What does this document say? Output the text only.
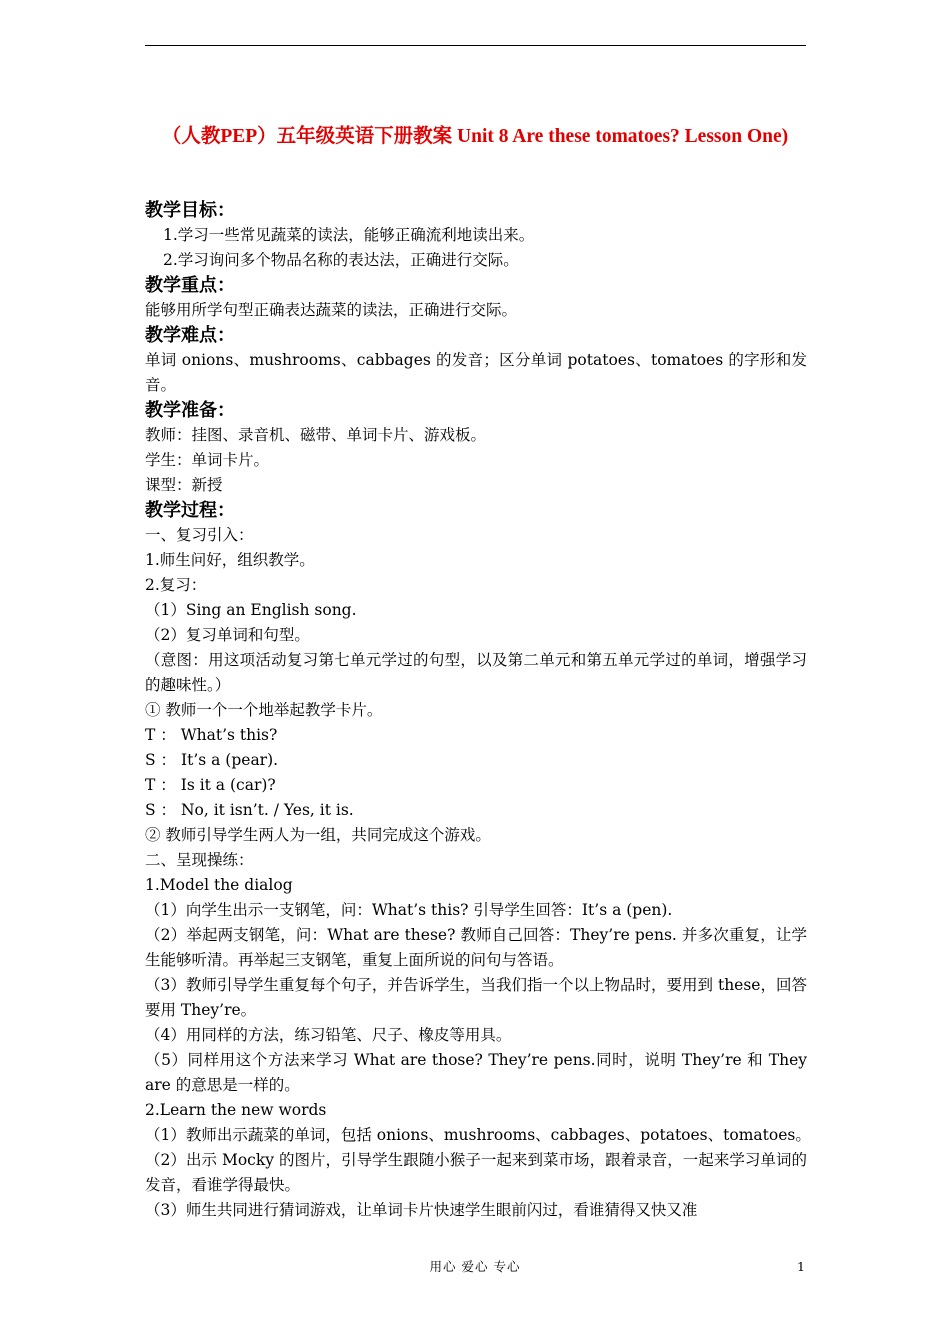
（人教PEP）五年级英语下册教案 Unit 8 Are these tomatoes? Lesson One)
教学目标：
1.学习一些常见蔬菜的读法，能够正确流利地读出来。
2.学习询问多个物品名称的表达法，正确进行交际。
教学重点：
能够用所学句型正确表达蔬菜的读法，正确进行交际。
教学难点：
单词 onions、mushrooms、cabbages 的发音；区分单词 potatoes、tomatoes 的字形和发音。
教学准备：
教师：挂图、录音机、磁带、单词卡片、游戏板。
学生：单词卡片。
课型：新授
教学过程：
一、复习引入：
1.师生问好，组织教学。
2.复习：
（1）Sing an English song.
（2）复习单词和句型。
（意图：用这项活动复习第七单元学过的句型，以及第二单元和第五单元学过的单词，增强学习的趣味性。）
① 教师一个一个地举起教学卡片。
T ： What’s this?
S ： It’s a (pear).
T ： Is it a (car)?
S ： No, it isn’t. / Yes, it is.
② 教师引导学生两人为一组，共同完成这个游戏。
二、呈现操练：
1.Model the dialog
（1）向学生出示一支钢笔，问：What’s this? 引导学生回答：It’s a (pen).
（2）举起两支钢笔，问：What are these? 教师自己回答：They’re pens. 并多次重复，让学生能够听清。再举起三支钢笔，重复上面所说的问句与答语。
（3）教师引导学生重复每个句子，并告诉学生，当我们指一个以上物品时，要用到 these，回答要用 They’re。
（4）用同样的方法，练习铅笔、尺子、橡皮等用具。
（5）同样用这个方法来学习 What are those? They’re pens.同时，说明 They’re 和 They are 的意思是一样的。
2.Learn the new words
（1）教师出示蔬菜的单词，包括 onions、mushrooms、cabbages、potatoes、tomatoes。
（2）出示 Mocky 的图片，引导学生跟随小猴子一起来到菜市场，跟着录音，一起来学习单词的发音，看谁学得最快。
（3）师生共同进行猜词游戏，让单词卡片快速学生眼前闪过，看谁猜得又快又准
用心 爱心 专心	1
